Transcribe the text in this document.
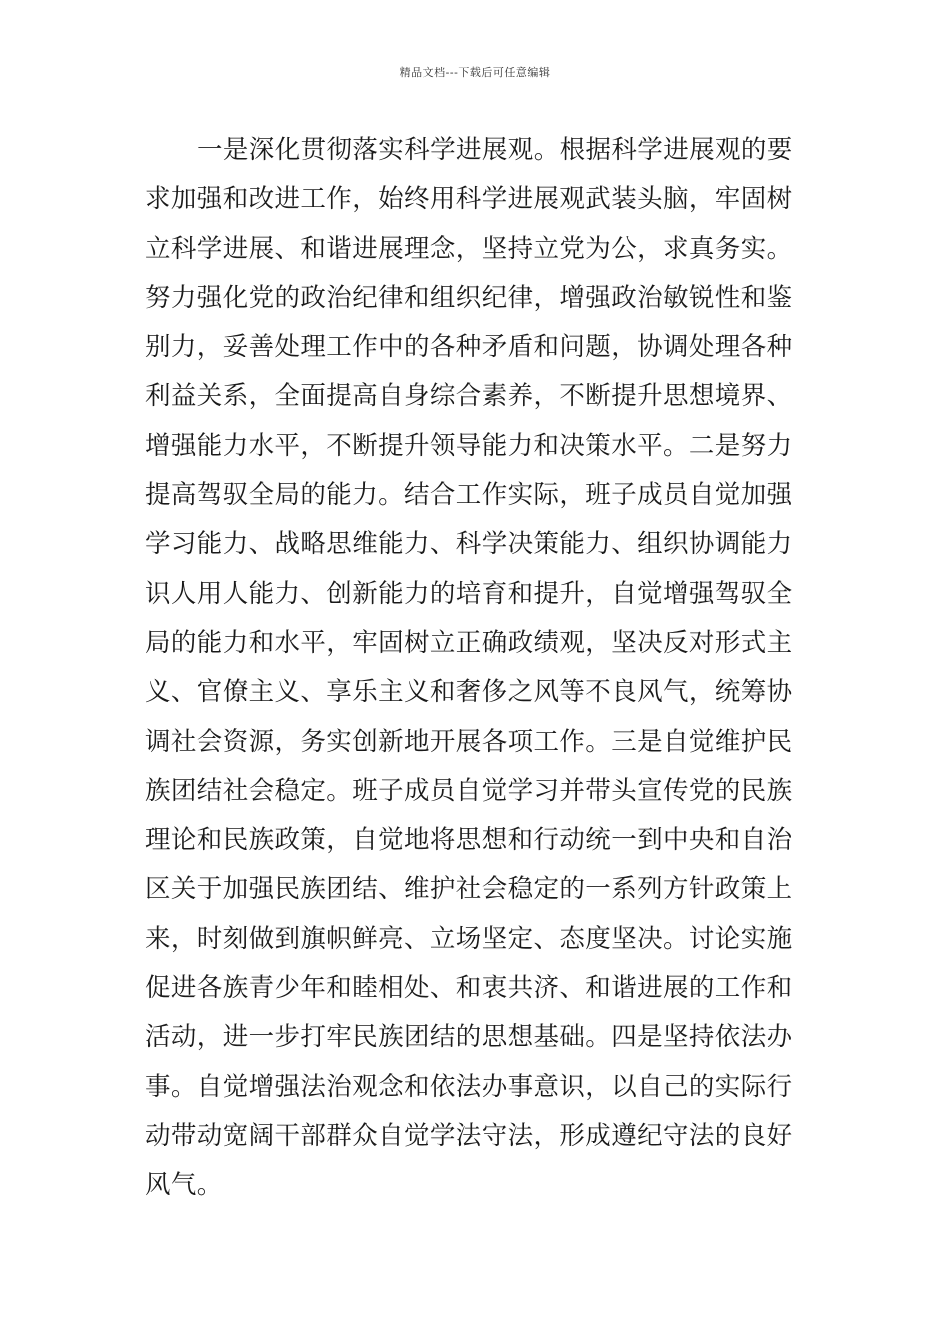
精品文档---下载后可任意编辑
一是深化贯彻落实科学进展观。根据科学进展观的要
求加强和改进工作，始终用科学进展观武装头脑，牢固树
立科学进展、和谐进展理念，坚持立党为公，求真务实。
努力强化党的政治纪律和组织纪律，增强政治敏锐性和鉴
别力，妥善处理工作中的各种矛盾和问题，协调处理各种
利益关系，全面提高自身综合素养，不断提升思想境界、
增强能力水平，不断提升领导能力和决策水平。二是努力
提高驾驭全局的能力。结合工作实际，班子成员自觉加强
学习能力、战略思维能力、科学决策能力、组织协调能力
识人用人能力、创新能力的培育和提升，自觉增强驾驭全
局的能力和水平，牢固树立正确政绩观，坚决反对形式主
义、官僚主义、享乐主义和奢侈之风等不良风气，统筹协
调社会资源，务实创新地开展各项工作。三是自觉维护民
族团结社会稳定。班子成员自觉学习并带头宣传党的民族
理论和民族政策，自觉地将思想和行动统一到中央和自治
区关于加强民族团结、维护社会稳定的一系列方针政策上
来，时刻做到旗帜鲜亮、立场坚定、态度坚决。讨论实施
促进各族青少年和睦相处、和衷共济、和谐进展的工作和
活动，进一步打牢民族团结的思想基础。四是坚持依法办
事。自觉增强法治观念和依法办事意识，以自己的实际行
动带动宽阔干部群众自觉学法守法，形成遵纪守法的良好
风气。
